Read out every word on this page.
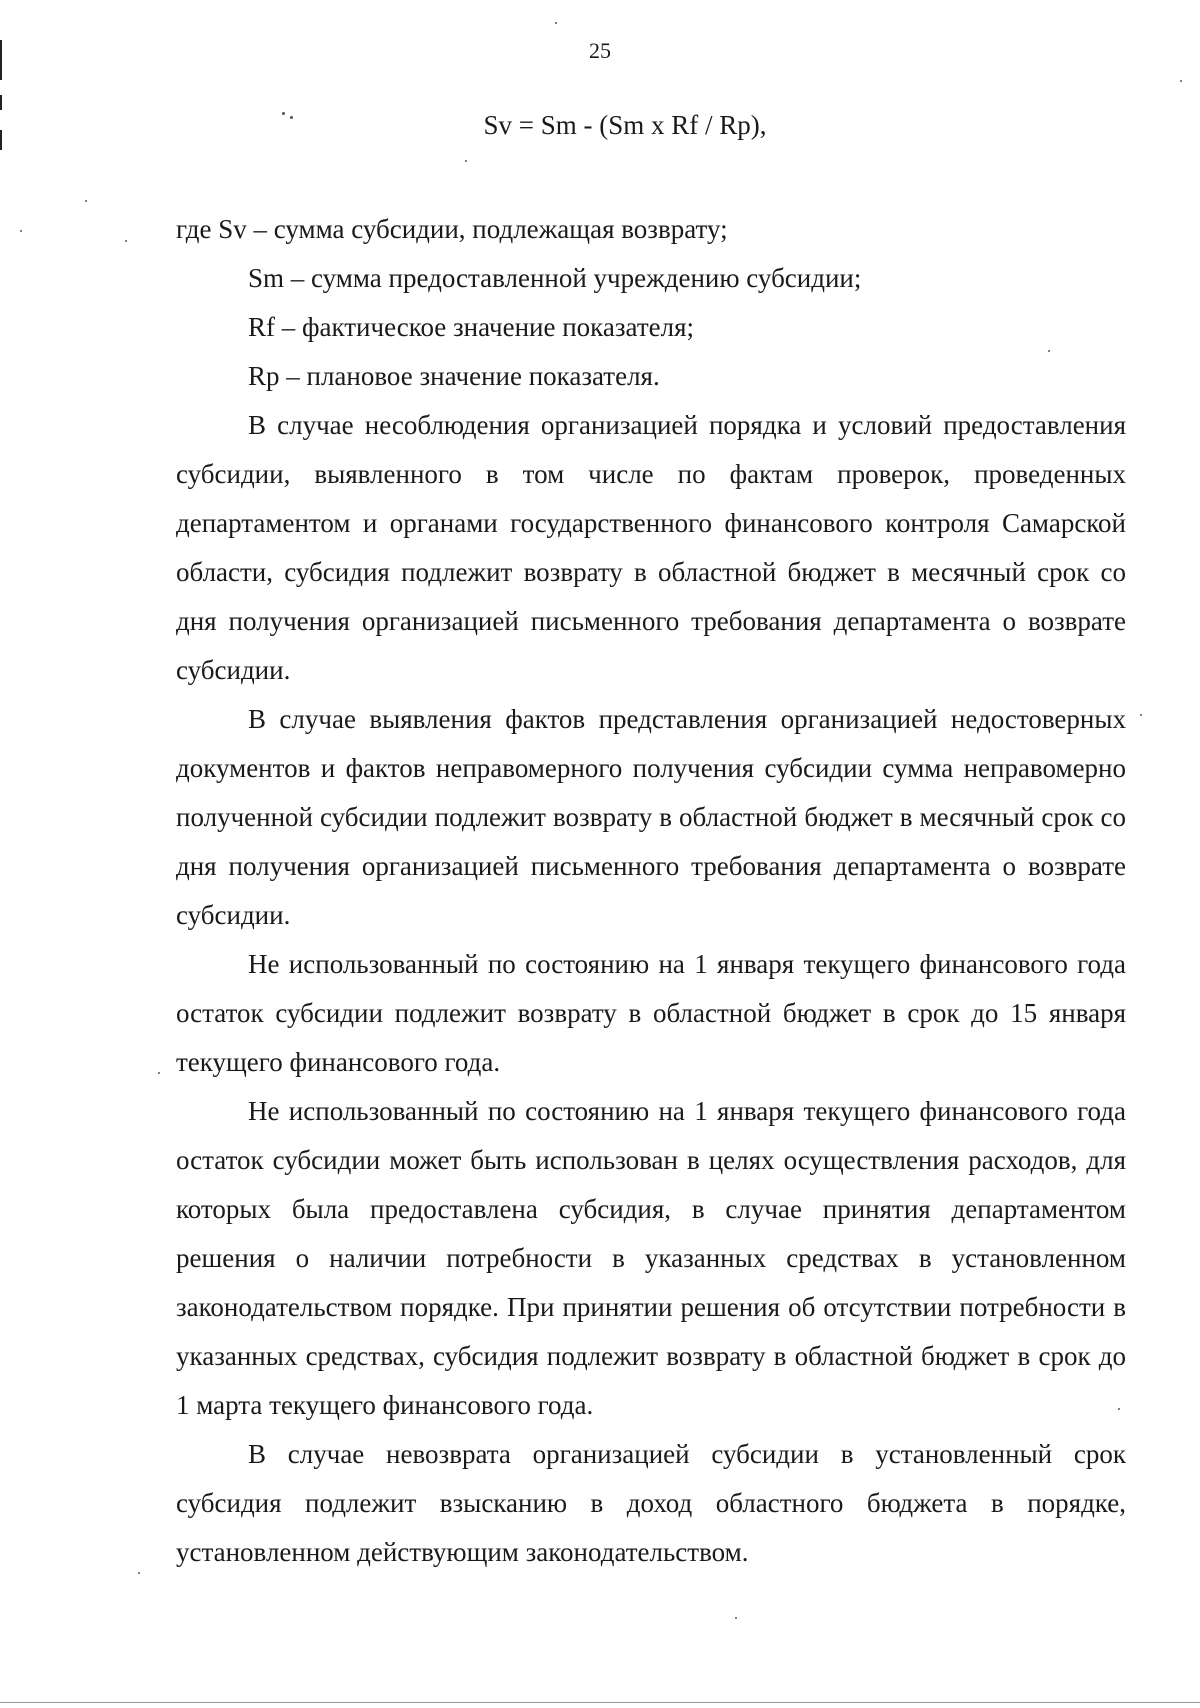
25
Sv = Sm - (Sm x Rf / Rp),

где Sv – сумма субсидии, подлежащая возврату;

Sm – сумма предоставленной учреждению субсидии;

Rf – фактическое значение показателя;

Rp – плановое значение показателя.

В случае несоблюдения организацией порядка и условий предоставления субсидии, выявленного в том числе по фактам проверок, проведенных департаментом и органами государственного финансового контроля Самарской области, субсидия подлежит возврату в областной бюджет в месячный срок со дня получения организацией письменного требования департамента о возврате субсидии.

В случае выявления фактов представления организацией недостоверных документов и фактов неправомерного получения субсидии сумма неправомерно полученной субсидии подлежит возврату в областной бюджет в месячный срок со дня получения организацией письменного требования департамента о возврате субсидии.

Не использованный по состоянию на 1 января текущего финансового года остаток субсидии подлежит возврату в областной бюджет в срок до 15 января текущего финансового года.

Не использованный по состоянию на 1 января текущего финансового года остаток субсидии может быть использован в целях осуществления расходов, для которых была предоставлена субсидия, в случае принятия департаментом решения о наличии потребности в указанных средствах в установленном законодательством порядке. При принятии решения об отсутствии потребности в указанных средствах, субсидия подлежит возврату в областной бюджет в срок до 1 марта текущего финансового года.

В случае невозврата организацией субсидии в установленный срок субсидия подлежит взысканию в доход областного бюджета в порядке, установленном действующим законодательством.
